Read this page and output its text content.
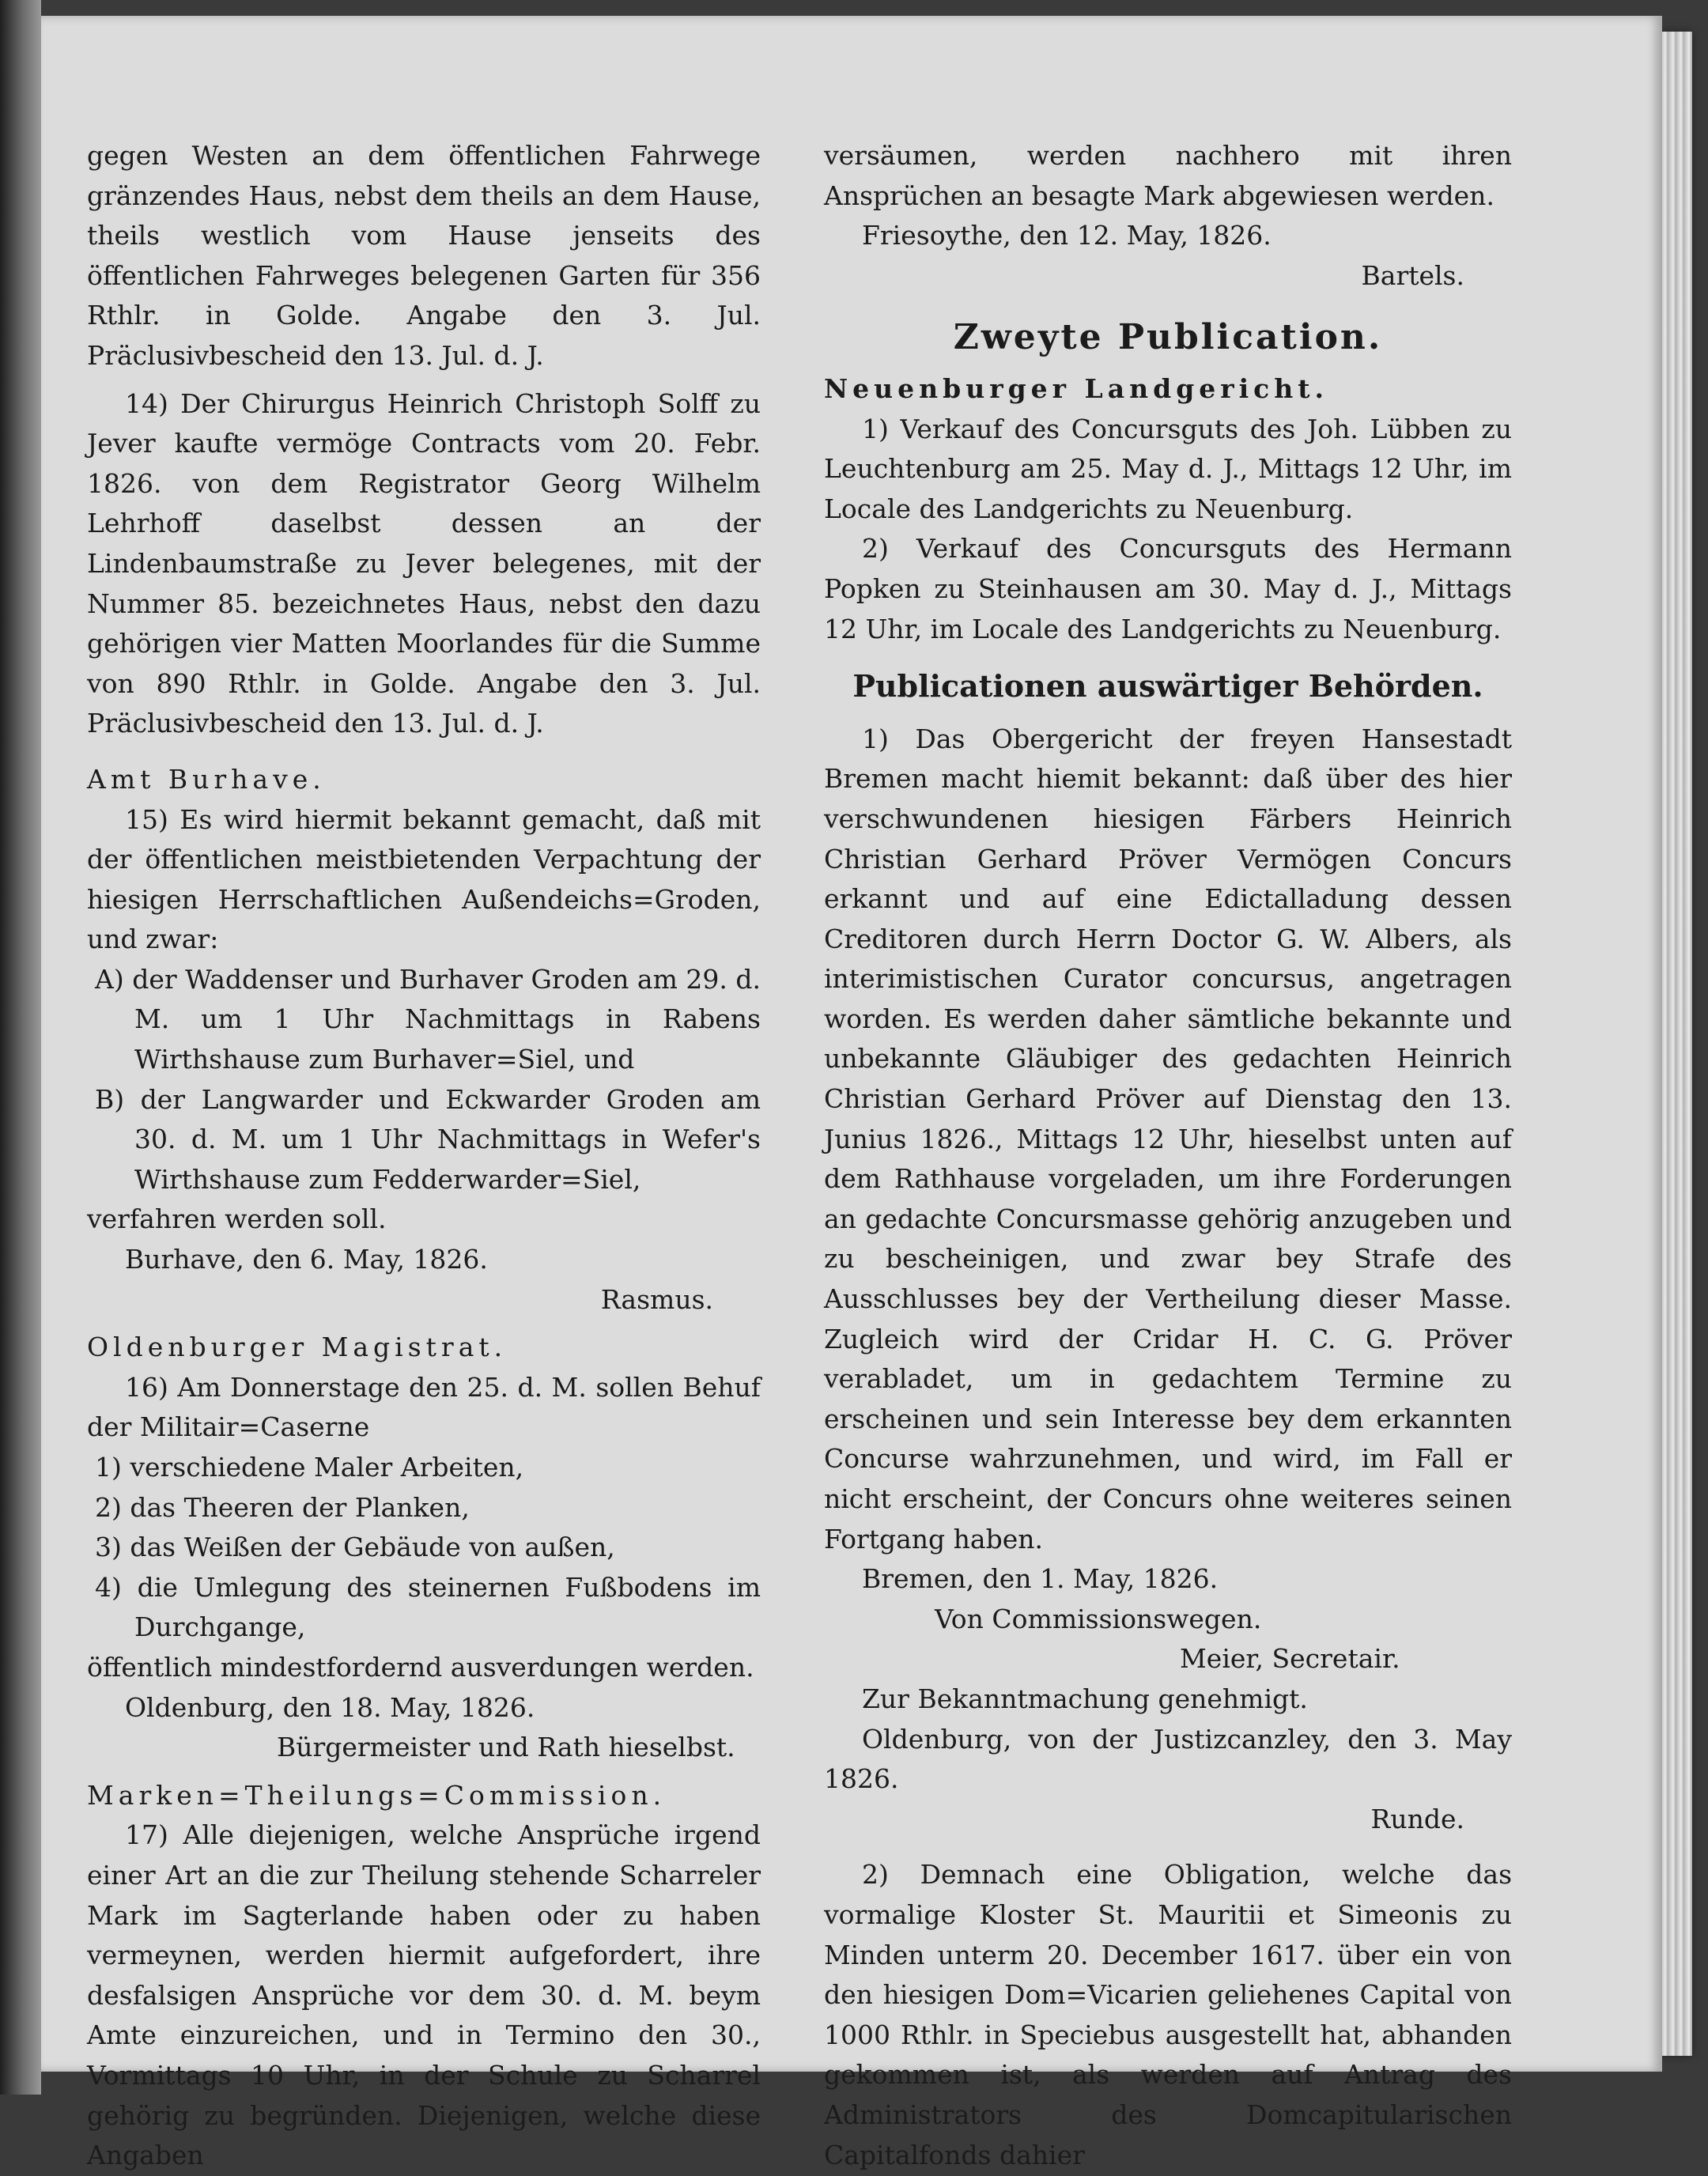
gegen Westen an dem öffentlichen Fahrwege gränzendes Haus, nebst dem theils an dem Hause, theils westlich vom Hause jenseits des öffentlichen Fahrweges belegenen Garten für 356 Rthlr. in Golde. Angabe den 3. Jul. Präclusivbescheid den 13. Jul. d. J.

14) Der Chirurgus Heinrich Christoph Solff zu Jever kaufte vermöge Contracts vom 20. Febr. 1826. von dem Registrator Georg Wilhelm Lehrhoff daselbst dessen an der Lindenbaumstraße zu Jever belegenes, mit der Nummer 85. bezeichnetes Haus, nebst den dazu gehörigen vier Matten Moorlandes für die Summe von 890 Rthlr. in Golde. Angabe den 3. Jul. Präclusivbescheid den 13. Jul. d. J.

Amt Burhave.

15) Es wird hiermit bekannt gemacht, daß mit der öffentlichen meistbietenden Verpachtung der hiesigen Herrschaftlichen Außendeichs=Groden, und zwar:

A) der Waddenser und Burhaver Groden am 29. d. M. um 1 Uhr Nachmittags in Rabens Wirthshause zum Burhaver=Siel, und
B) der Langwarder und Eckwarder Groden am 30. d. M. um 1 Uhr Nachmittags in Wefer's Wirthshause zum Fedderwarder=Siel,
verfahren werden soll.
Burhave, den 6. May, 1826.
Rasmus.
Oldenburger Magistrat.

16) Am Donnerstage den 25. d. M. sollen Behuf der Militair=Caserne

1) verschiedene Maler Arbeiten,
2) das Theeren der Planken,
3) das Weißen der Gebäude von außen,
4) die Umlegung des steinernen Fußbodens im Durchgange,
öffentlich mindestfordernd ausverdungen werden.
Oldenburg, den 18. May, 1826.
Bürgermeister und Rath hieselbst.
Marken=Theilungs=Commission.

17) Alle diejenigen, welche Ansprüche irgend einer Art an die zur Theilung stehende Scharreler Mark im Sagterlande haben oder zu haben vermeynen, werden hiermit aufgefordert, ihre desfalsigen Ansprüche vor dem 30. d. M. beym Amte einzureichen, und in Termino den 30., Vormittags 10 Uhr, in der Schule zu Scharrel gehörig zu begründen. Diejenigen, welche diese Angaben

versäumen, werden nachhero mit ihren Ansprüchen an besagte Mark abgewiesen werden.

Friesoythe, den 12. May, 1826.
Bartels.
Zweyte Publication.
Neuenburger Landgericht.

1) Verkauf des Concursguts des Joh. Lübben zu Leuchtenburg am 25. May d. J., Mittags 12 Uhr, im Locale des Landgerichts zu Neuenburg.

2) Verkauf des Concursguts des Hermann Popken zu Steinhausen am 30. May d. J., Mittags 12 Uhr, im Locale des Landgerichts zu Neuenburg.

Publicationen auswärtiger Behörden.

1) Das Obergericht der freyen Hansestadt Bremen macht hiemit bekannt: daß über des hier verschwundenen hiesigen Färbers Heinrich Christian Gerhard Pröver Vermögen Concurs erkannt und auf eine Edictalladung dessen Creditoren durch Herrn Doctor G. W. Albers, als interimistischen Curator concursus, angetragen worden. Es werden daher sämtliche bekannte und unbekannte Gläubiger des gedachten Heinrich Christian Gerhard Pröver auf Dienstag den 13. Junius 1826., Mittags 12 Uhr, hieselbst unten auf dem Rathhause vorgeladen, um ihre Forderungen an gedachte Concursmasse gehörig anzugeben und zu bescheinigen, und zwar bey Strafe des Ausschlusses bey der Vertheilung dieser Masse. Zugleich wird der Cridar H. C. G. Pröver verabladet, um in gedachtem Termine zu erscheinen und sein Interesse bey dem erkannten Concurse wahrzunehmen, und wird, im Fall er nicht erscheint, der Concurs ohne weiteres seinen Fortgang haben.

Bremen, den 1. May, 1826.
Von Commissionswegen.
Meier, Secretair.
Zur Bekanntmachung genehmigt.

Oldenburg, von der Justizcanzley, den 3. May 1826.

Runde.

2) Demnach eine Obligation, welche das vormalige Kloster St. Mauritii et Simeonis zu Minden unterm 20. December 1617. über ein von den hiesigen Dom=Vicarien geliehenes Capital von 1000 Rthlr. in Speciebus ausgestellt hat, abhanden gekommen ist, als werden auf Antrag des Administrators des Domcapitularischen Capitalfonds dahier
